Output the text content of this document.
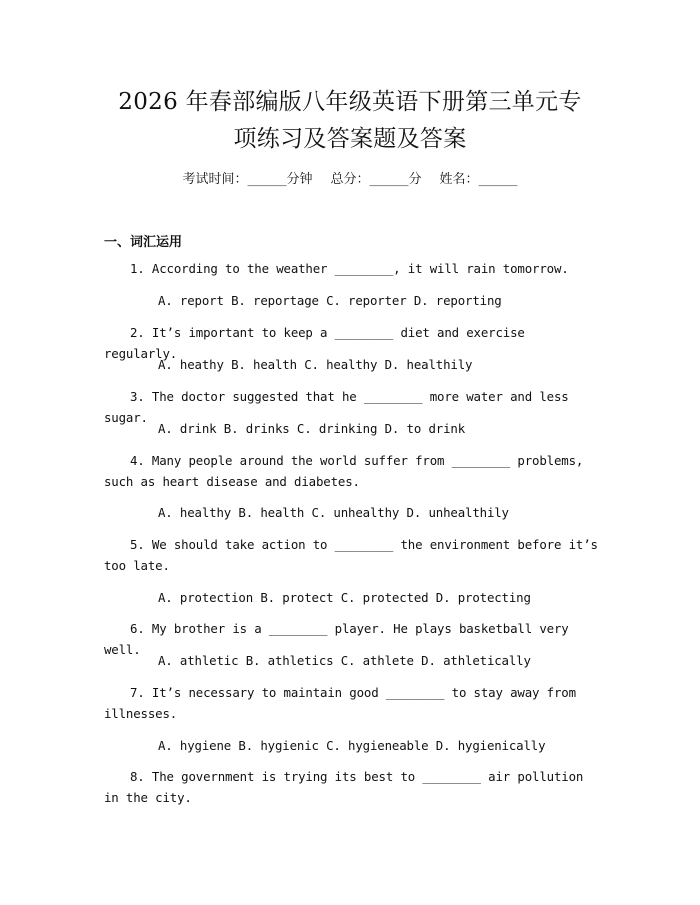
2026 年春部编版八年级英语下册第三单元专
项练习及答案题及答案
考试时间：______分钟 总分：______分 姓名：______
一、词汇运用
1. According to the weather ________, it will rain tomorrow.
A. report B. reportage C. reporter D. reporting
2. It’s important to keep a ________ diet and exercise regularly.
A. heathy B. health C. healthy D. healthily
3. The doctor suggested that he ________ more water and less sugar.
A. drink B. drinks C. drinking D. to drink
4. Many people around the world suffer from ________ problems, such as heart disease and diabetes.
A. healthy B. health C. unhealthy D. unhealthily
5. We should take action to ________ the environment before it’s too late.
A. protection B. protect C. protected D. protecting
6. My brother is a ________ player. He plays basketball very well.
A. athletic B. athletics C. athlete D. athletically
7. It’s necessary to maintain good ________ to stay away from illnesses.
A. hygiene B. hygienic C. hygieneable D. hygienically
8. The government is trying its best to ________ air pollution in the city.
